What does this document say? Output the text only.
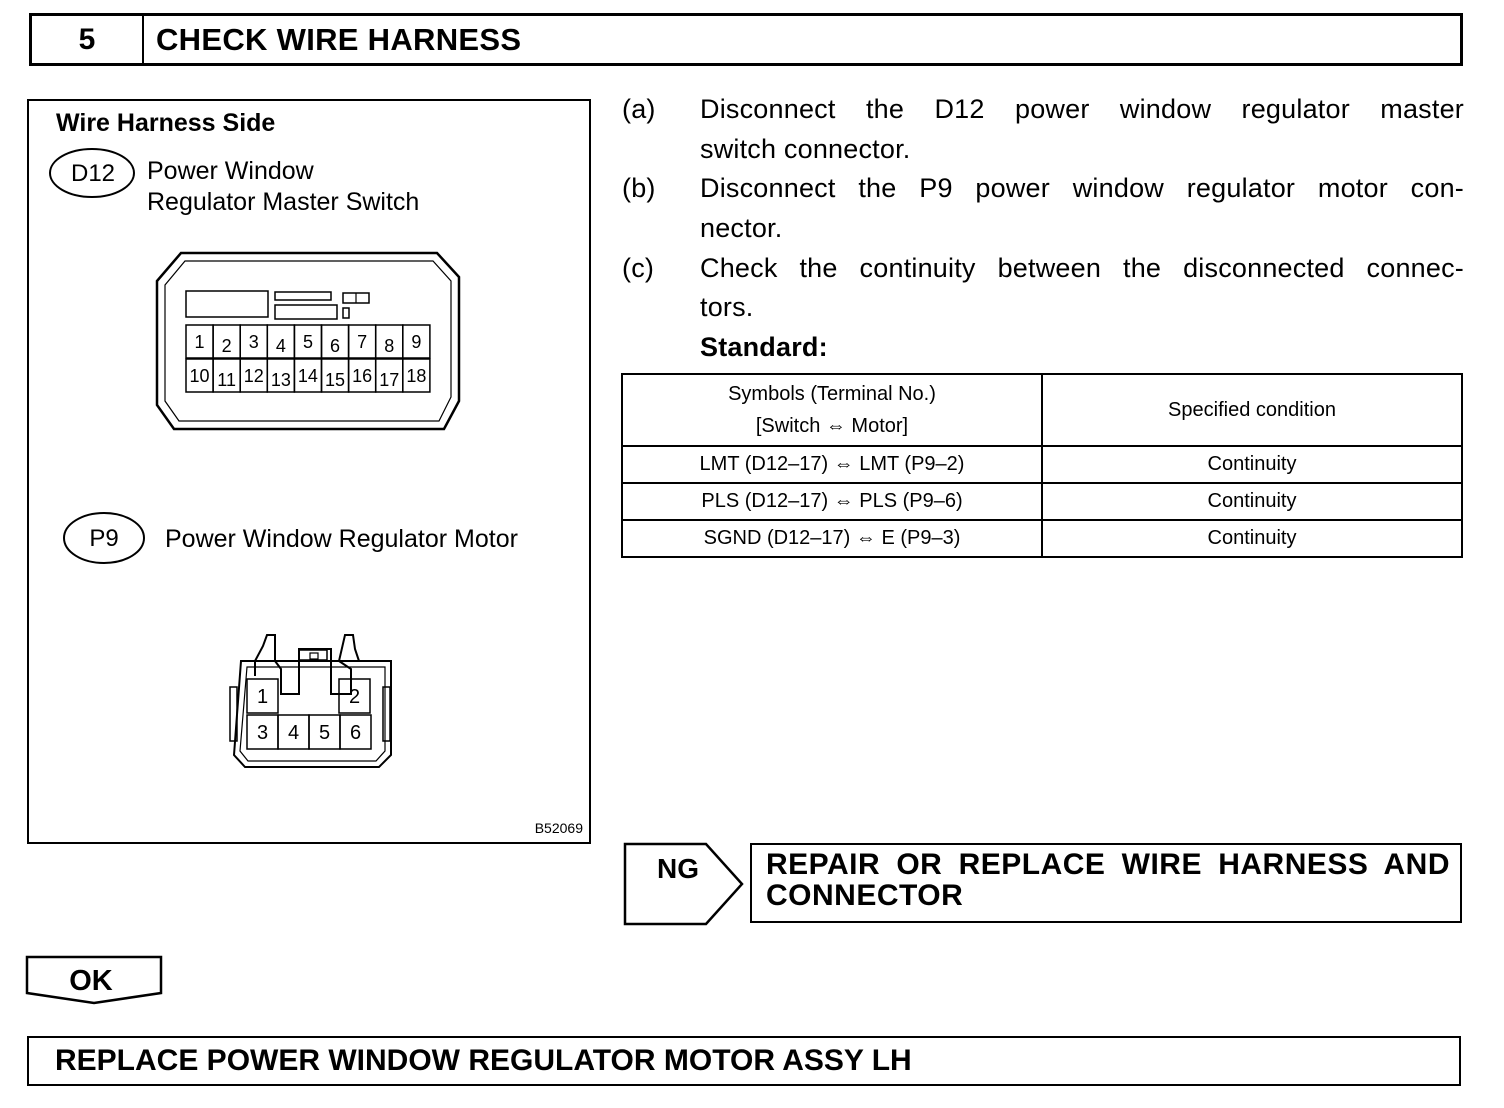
5	CHECK WIRE HARNESS
Wire Harness Side
Power Window
Regulator Master Switch
Power Window Regulator Motor
B52069
D12
1 2 3 4 5 6 7 8 9
10 11 12 13 14 15 16 17 18
P9
1	2
3 4 5 6
(a) Disconnect the D12 power window regulator master
switch connector.
(b) Disconnect the P9 power window regulator motor con-
nector.
(c) Check the continuity between the disconnected connec-
tors.
Standard:
Symbols (Terminal No.)
[Switch ⇔ Motor]	Specified condition
LMT (D12–17) ⇔ LMT (P9–2)	Continuity
PLS (D12–17) ⇔ PLS (P9–6)	Continuity
SGND (D12–17) ⇔ E (P9–3)	Continuity
NG REPAIR OR REPLACE WIRE HARNESS AND CONNECTOR
OK
REPLACE POWER WINDOW REGULATOR MOTOR ASSY LH
